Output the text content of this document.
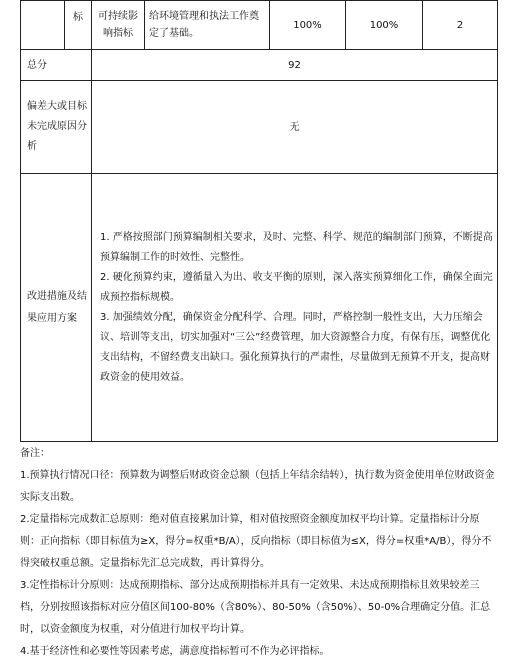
	标	可持续影响指标	给环境管理和执法工作奠定了基础。	100%	100%	2
总分		92				
偏差大或目标未完成原因分析		无				
改进措施及结果应用方案		1. 严格按照部门预算编制相关要求，及时、完整、科学、规范的编制部门预算，不断提高预算编制工作的时效性、完整性。

2. 硬化预算约束，遵循量入为出、收支平衡的原则，深入落实预算细化工作，确保全面完成预控指标规模。

3. 加强绩效分配，确保资金分配科学、合理。同时，严格控制一般性支出，大力压缩会议、培训等支出，切实加强对“三公”经费管理，加大资源整合力度，有保有压，调整优化支出结构，不留经费支出缺口。强化预算执行的严肃性，尽量做到无预算不开支，提高财政资金的使用效益。				

备注：

1.预算执行情况口径：预算数为调整后财政资金总额（包括上年结余结转），执行数为资金使用单位财政资金实际支出数。

2.定量指标完成数汇总原则：绝对值直接累加计算，相对值按照资金额度加权平均计算。定量指标计分原则：正向指标（即目标值为≥X，得分=权重*B/A），反向指标（即目标值为≤X，得分=权重*A/B），得分不得突破权重总额。定量指标先汇总完成数，再计算得分。

3.定性指标计分原则：达成预期指标、部分达成预期指标并具有一定效果、未达成预期指标且效果较差三档，分别按照该指标对应分值区间100-80%（含80%）、80-50%（含50%）、50-0%合理确定分值。汇总时，以资金额度为权重，对分值进行加权平均计算。

4.基于经济性和必要性等因素考虑，满意度指标暂可不作为必评指标。
